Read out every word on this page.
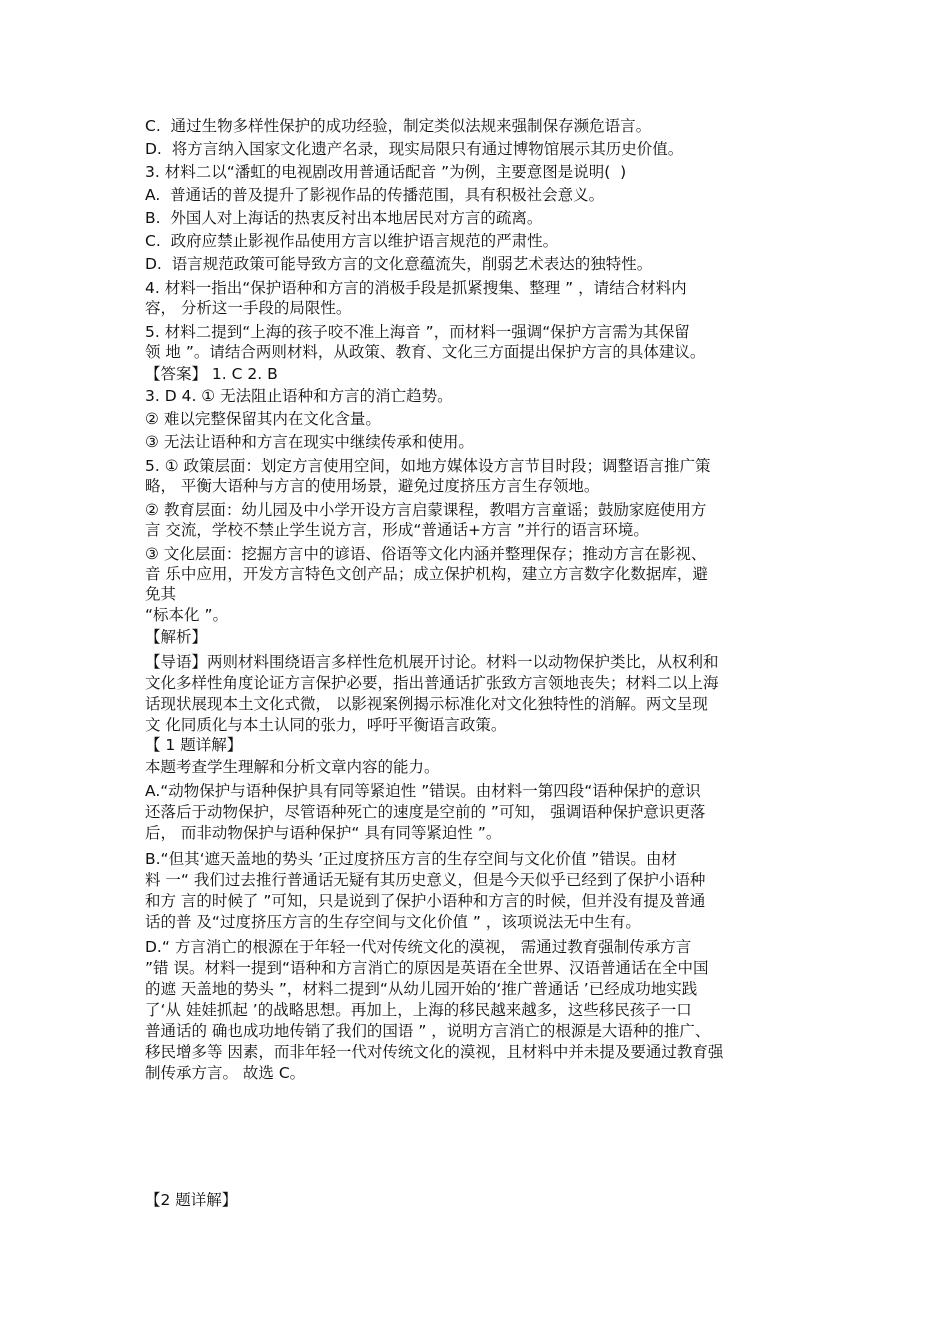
C.  通过生物多样性保护的成功经验，制定类似法规来强制保存濒危语言。
D.  将方言纳入国家文化遗产名录，现实局限只有通过博物馆展示其历史价值。
3. 材料二以“潘虹的电视剧改用普通话配音 ”为例，主要意图是说明(  )
A.  普通话的普及提升了影视作品的传播范围，具有积极社会意义。
B.  外国人对上海话的热衷反衬出本地居民对方言的疏离。
C.  政府应禁止影视作品使用方言以维护语言规范的严肃性。
D.  语言规范政策可能导致方言的文化意蕴流失，削弱艺术表达的独特性。
4. 材料一指出“保护语种和方言的消极手段是抓紧搜集、整理 ” ，请结合材料内
容， 分析这一手段的局限性。
5. 材料二提到“上海的孩子咬不准上海音 ”，而材料一强调“保护方言需为其保留
领 地 ”。请结合两则材料，从政策、教育、文化三方面提出保护方言的具体建议。
【答案】 1. C 2. B
3. D 4. ① 无法阻止语种和方言的消亡趋势。
② 难以完整保留其内在文化含量。
③ 无法让语种和方言在现实中继续传承和使用。
5. ① 政策层面：划定方言使用空间，如地方媒体设方言节目时段；调整语言推广策
略， 平衡大语种与方言的使用场景，避免过度挤压方言生存领地。
② 教育层面：幼儿园及中小学开设方言启蒙课程，教唱方言童谣；鼓励家庭使用方
言 交流，学校不禁止学生说方言，形成“普通话+方言 ”并行的语言环境。
③ 文化层面：挖掘方言中的谚语、俗语等文化内涵并整理保存；推动方言在影视、
音 乐中应用，开发方言特色文创产品；成立保护机构，建立方言数字化数据库，避
免其
“标本化 ”。
【解析】
【导语】两则材料围绕语言多样性危机展开讨论。材料一以动物保护类比，从权利和
文化多样性角度论证方言保护必要，指出普通话扩张致方言领地丧失；材料二以上海
话现状展现本土文化式微， 以影视案例揭示标准化对文化独特性的消解。两文呈现
文 化同质化与本土认同的张力，呼吁平衡语言政策。
【 1 题详解】
本题考查学生理解和分析文章内容的能力。
A.“动物保护与语种保护具有同等紧迫性 ”错误。由材料一第四段“语种保护的意识
还落后于动物保护，尽管语种死亡的速度是空前的 ”可知， 强调语种保护意识更落
后， 而非动物保护与语种保护“ 具有同等紧迫性 ”。
B.“但其‘遮天盖地的势头 ’正过度挤压方言的生存空间与文化价值 ”错误。由材
料 一“ 我们过去推行普通话无疑有其历史意义，但是今天似乎已经到了保护小语种
和方 言的时候了 ”可知，只是说到了保护小语种和方言的时候，但并没有提及普通
话的普 及“过度挤压方言的生存空间与文化价值 ” ，该项说法无中生有。
D.“ 方言消亡的根源在于年轻一代对传统文化的漠视， 需通过教育强制传承方言
”错 误。材料一提到“语种和方言消亡的原因是英语在全世界、汉语普通话在全中国
的遮 天盖地的势头 ”，材料二提到“从幼儿园开始的‘推广普通话 ’已经成功地实践
了‘从 娃娃抓起 ’的战略思想。再加上，上海的移民越来越多，这些移民孩子一口
普通话的 确也成功地传销了我们的国语 ” ，说明方言消亡的根源是大语种的推广、
移民增多等 因素，而非年轻一代对传统文化的漠视，且材料中并未提及要通过教育强
制传承方言。 故选 C。
【2 题详解】
